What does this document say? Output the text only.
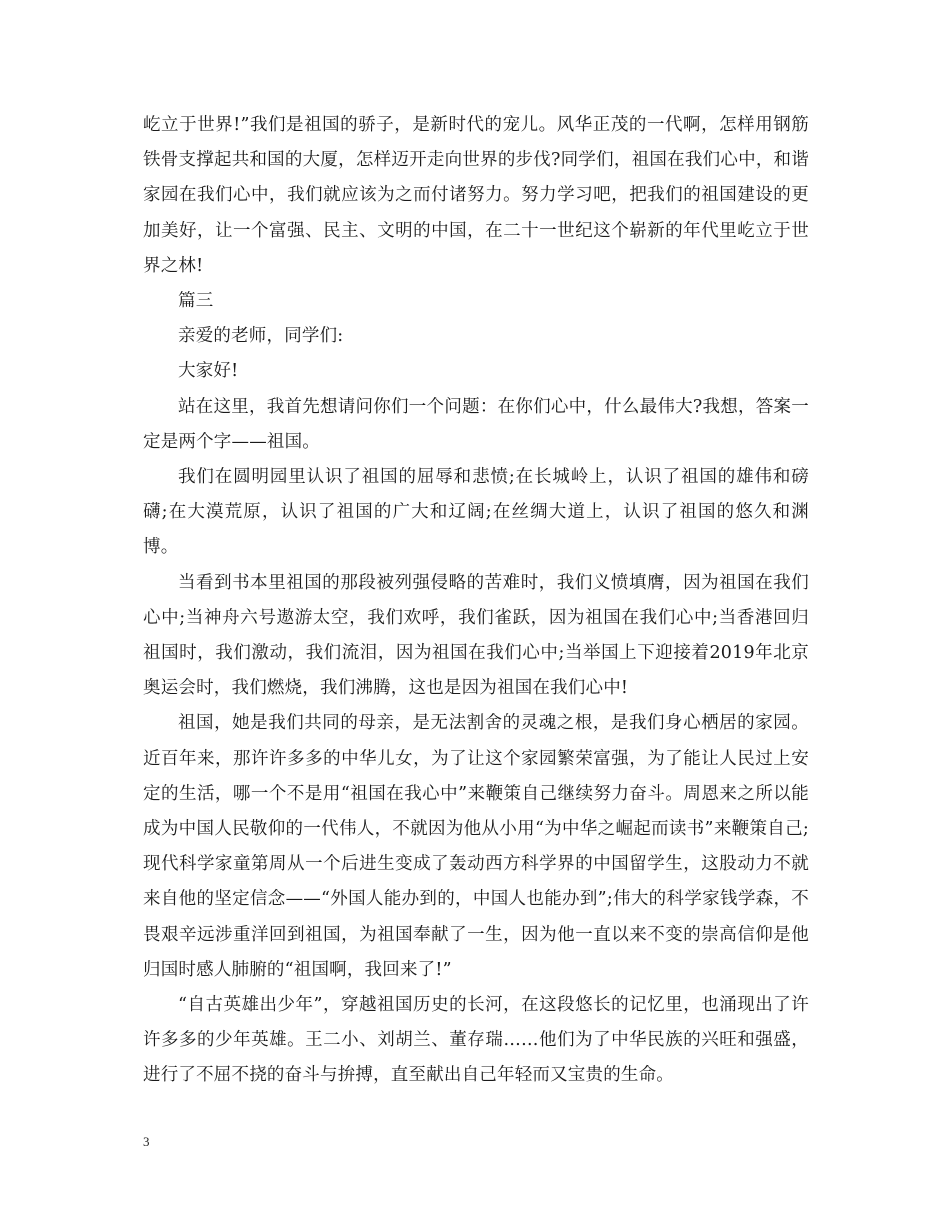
屹立于世界!”我们是祖国的骄子，是新时代的宠儿。风华正茂的一代啊，怎样用钢筋铁骨支撑起共和国的大厦，怎样迈开走向世界的步伐?同学们，祖国在我们心中，和谐家园在我们心中，我们就应该为之而付诸努力。努力学习吧，把我们的祖国建设的更加美好，让一个富强、民主、文明的中国，在二十一世纪这个崭新的年代里屹立于世界之林!

篇三

亲爱的老师，同学们:

大家好!

站在这里，我首先想请问你们一个问题：在你们心中，什么最伟大?我想，答案一定是两个字——祖国。

我们在圆明园里认识了祖国的屈辱和悲愤;在长城岭上，认识了祖国的雄伟和磅礴;在大漠荒原，认识了祖国的广大和辽阔;在丝绸大道上，认识了祖国的悠久和渊博。

当看到书本里祖国的那段被列强侵略的苦难时，我们义愤填膺，因为祖国在我们心中;当神舟六号遨游太空，我们欢呼，我们雀跃，因为祖国在我们心中;当香港回归祖国时，我们激动，我们流泪，因为祖国在我们心中;当举国上下迎接着2019年北京奥运会时，我们燃烧，我们沸腾，这也是因为祖国在我们心中!

祖国，她是我们共同的母亲，是无法割舍的灵魂之根，是我们身心栖居的家园。近百年来，那许许多多的中华儿女，为了让这个家园繁荣富强，为了能让人民过上安定的生活，哪一个不是用“祖国在我心中”来鞭策自己继续努力奋斗。周恩来之所以能成为中国人民敬仰的一代伟人，不就因为他从小用“为中华之崛起而读书”来鞭策自己;现代科学家童第周从一个后进生变成了轰动西方科学界的中国留学生，这股动力不就来自他的坚定信念——“外国人能办到的，中国人也能办到”;伟大的科学家钱学森，不畏艰辛远涉重洋回到祖国，为祖国奉献了一生，因为他一直以来不变的崇高信仰是他归国时感人肺腑的“祖国啊，我回来了!”

“自古英雄出少年”，穿越祖国历史的长河，在这段悠长的记忆里，也涌现出了许许多多的少年英雄。王二小、刘胡兰、董存瑞……他们为了中华民族的兴旺和强盛，进行了不屈不挠的奋斗与拚搏，直至献出自己年轻而又宝贵的生命。

3
